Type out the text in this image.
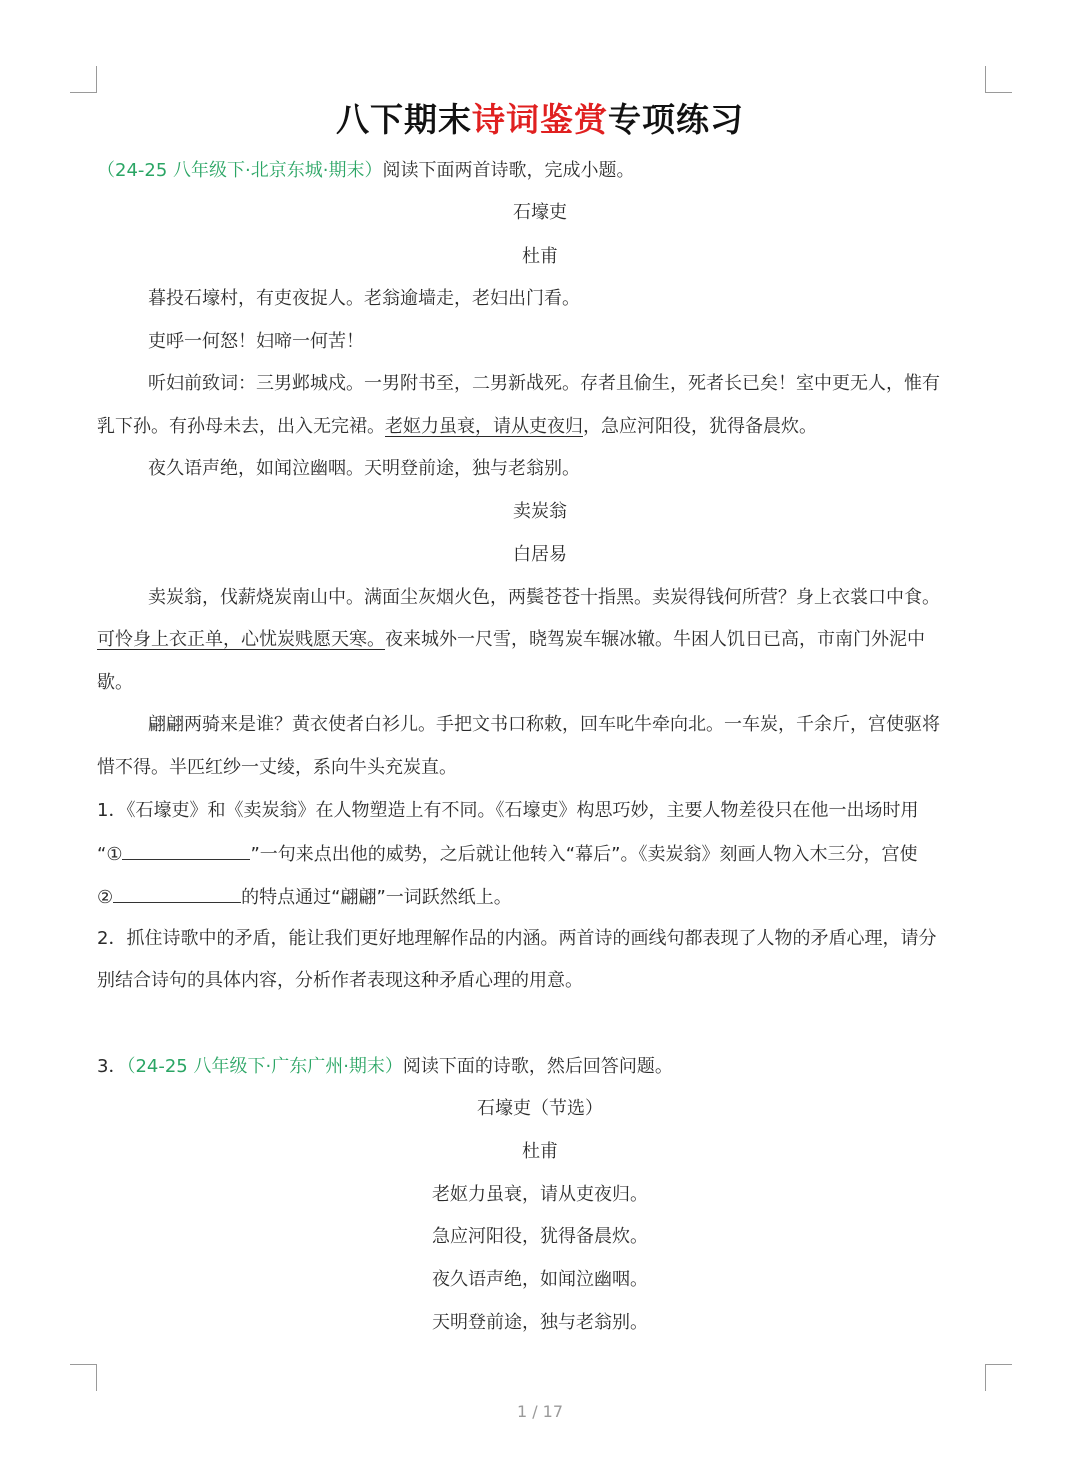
八下期末诗词鉴赏专项练习
（24-25 八年级下·北京东城·期末）阅读下面两首诗歌，完成小题。
石壕吏
杜甫
暮投石壕村，有吏夜捉人。老翁逾墙走，老妇出门看。
吏呼一何怒！妇啼一何苦！
听妇前致词：三男邺城戍。一男附书至，二男新战死。存者且偷生，死者长已矣！室中更无人，惟有
乳下孙。有孙母未去，出入无完裙。老妪力虽衰，请从吏夜归，急应河阳役，犹得备晨炊。
夜久语声绝，如闻泣幽咽。天明登前途，独与老翁别。
卖炭翁
白居易
卖炭翁，伐薪烧炭南山中。满面尘灰烟火色，两鬓苍苍十指黑。卖炭得钱何所营？身上衣裳口中食。
可怜身上衣正单，心忧炭贱愿天寒。夜来城外一尺雪，晓驾炭车辗冰辙。牛困人饥日已高，市南门外泥中
歇。
翩翩两骑来是谁？黄衣使者白衫儿。手把文书口称敕，回车叱牛牵向北。一车炭，千余斤，宫使驱将
惜不得。半匹红纱一丈绫，系向牛头充炭直。
1．《石壕吏》和《卖炭翁》在人物塑造上有不同。《石壕吏》构思巧妙，主要人物差役只在他一出场时用
“①	”一句来点出他的威势，之后就让他转入“幕后”。《卖炭翁》刻画人物入木三分，宫使
②	的特点通过“翩翩”一词跃然纸上。
2．抓住诗歌中的矛盾，能让我们更好地理解作品的内涵。两首诗的画线句都表现了人物的矛盾心理，请分
别结合诗句的具体内容，分析作者表现这种矛盾心理的用意。
3．（24-25 八年级下·广东广州·期末）阅读下面的诗歌，然后回答问题。
石壕吏（节选）
杜甫
老妪力虽衰，请从吏夜归。
急应河阳役，犹得备晨炊。
夜久语声绝，如闻泣幽咽。
天明登前途，独与老翁别。
1 / 17
